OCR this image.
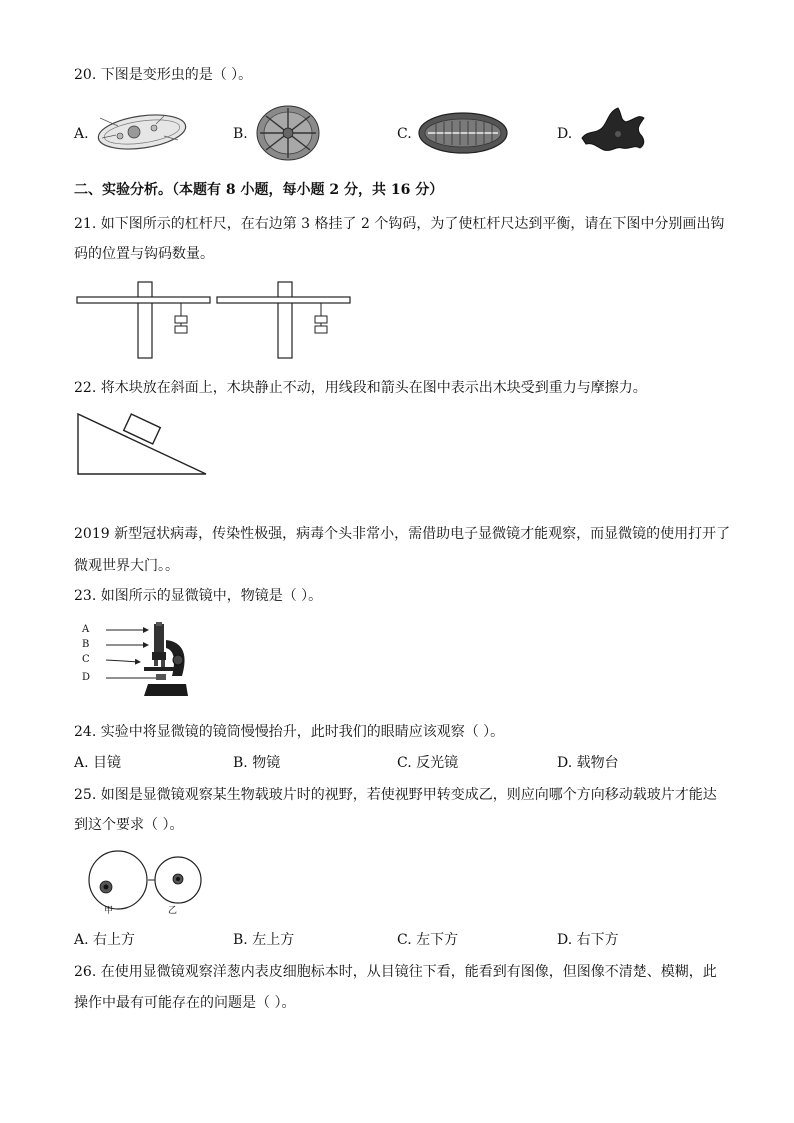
20. 下图是变形虫的是（ ）。
A.	B.	C.	D.
二、实验分析。（本题有 8 小题，每小题 2 分，共 16 分）
21. 如下图所示的杠杆尺，在右边第 3 格挂了 2 个钩码，为了使杠杆尺达到平衡，请在下图中分别画出钩
码的位置与钩码数量。
22. 将木块放在斜面上，木块静止不动，用线段和箭头在图中表示出木块受到重力与摩擦力。
2019 新型冠状病毒，传染性极强，病毒个头非常小，需借助电子显微镜才能观察，而显微镜的使用打开了
微观世界大门。。
23. 如图所示的显微镜中，物镜是（ ）。
A
B
C
D
24. 实验中将显微镜的镜筒慢慢抬升，此时我们的眼睛应该观察（ ）。
A. 目镜	B. 物镜	C. 反光镜	D. 载物台
25. 如图是显微镜观察某生物载玻片时的视野，若使视野甲转变成乙，则应向哪个方向移动载玻片才能达
到这个要求（ ）。
甲	乙
A. 右上方	B. 左上方	C. 左下方	D. 右下方
26. 在使用显微镜观察洋葱内表皮细胞标本时，从目镜往下看，能看到有图像，但图像不清楚、模糊，此
操作中最有可能存在的问题是（ ）。
